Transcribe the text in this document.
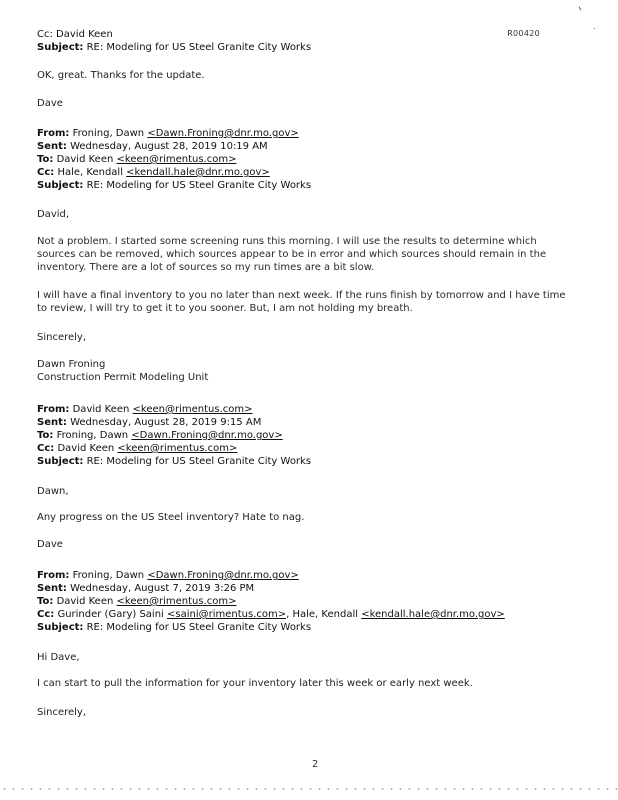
R00420
Cc: David Keen
Subject: RE: Modeling for US Steel Granite City Works
OK, great. Thanks for the update.
Dave
From: Froning, Dawn <Dawn.Froning@dnr.mo.gov>
Sent: Wednesday, August 28, 2019 10:19 AM
To: David Keen <keen@rimentus.com>
Cc: Hale, Kendall <kendall.hale@dnr.mo.gov>
Subject: RE: Modeling for US Steel Granite City Works
David,
Not a problem. I started some screening runs this morning. I will use the results to determine which sources can be removed, which sources appear to be in error and which sources should remain in the inventory. There are a lot of sources so my run times are a bit slow.
I will have a final inventory to you no later than next week. If the runs finish by tomorrow and I have time to review, I will try to get it to you sooner. But, I am not holding my breath.
Sincerely,
Dawn Froning
Construction Permit Modeling Unit
From: David Keen <keen@rimentus.com>
Sent: Wednesday, August 28, 2019 9:15 AM
To: Froning, Dawn <Dawn.Froning@dnr.mo.gov>
Cc: David Keen <keen@rimentus.com>
Subject: RE: Modeling for US Steel Granite City Works
Dawn,
Any progress on the US Steel inventory? Hate to nag.
Dave
From: Froning, Dawn <Dawn.Froning@dnr.mo.gov>
Sent: Wednesday, August 7, 2019 3:26 PM
To: David Keen <keen@rimentus.com>
Cc: Gurinder (Gary) Saini <saini@rimentus.com>, Hale, Kendall <kendall.hale@dnr.mo.gov>
Subject: RE: Modeling for US Steel Granite City Works
Hi Dave,
I can start to pull the information for your inventory later this week or early next week.
Sincerely,
2
